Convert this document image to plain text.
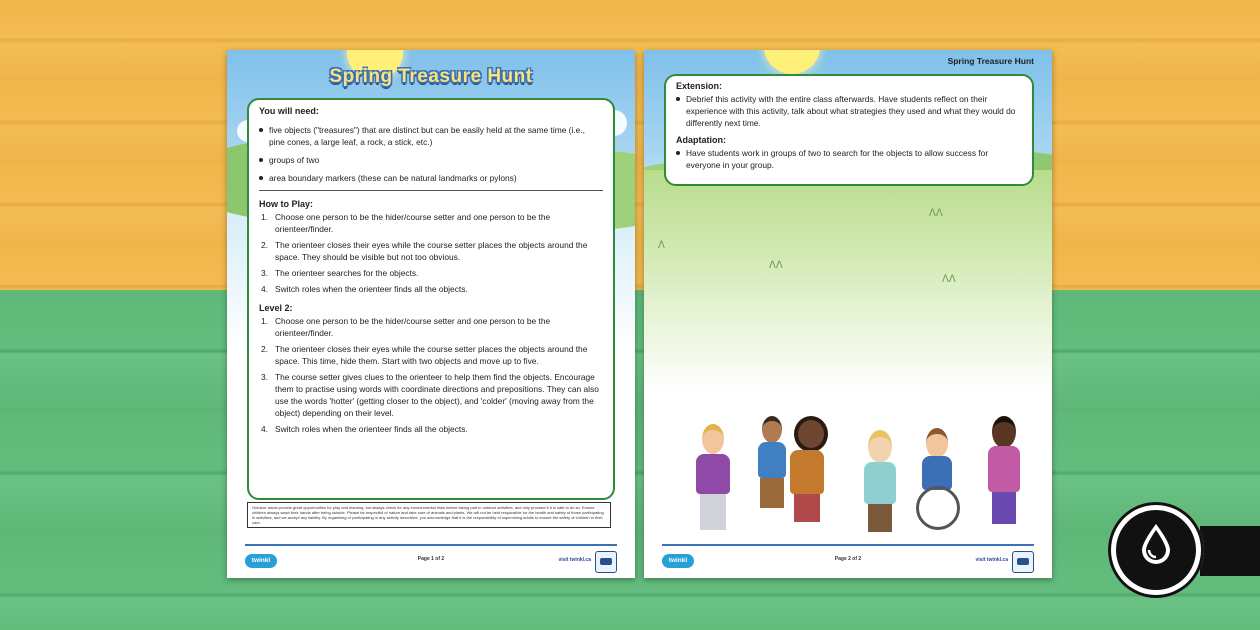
Spring Treasure Hunt
You will need:
five objects ("treasures") that are distinct but can be easily held at the same time (i.e., pine cones, a large leaf, a rock, a stick, etc.)
groups of two
area boundary markers (these can be natural landmarks or pylons)
How to Play:
1. Choose one person to be the hider/course setter and one person to be the orienteer/finder.
2. The orienteer closes their eyes while the course setter places the objects around the space. They should be visible but not too obvious.
3. The orienteer searches for the objects.
4. Switch roles when the orienteer finds all the objects.
Level 2:
1. Choose one person to be the hider/course setter and one person to be the orienteer/finder.
2. The orienteer closes their eyes while the course setter places the objects around the space. This time, hide them. Start with two objects and move up to five.
3. The course setter gives clues to the orienteer to help them find the objects. Encourage them to practise using words with coordinate directions and prepositions. They can also use the words 'hotter' (getting closer to the object), and 'colder' (moving away from the object) depending on their level.
4. Switch roles when the orienteer finds all the objects.
Outdoor areas provide great opportunities for play and learning, but always check for any environmental risks before taking part in outdoor activities, and only proceed if it is safe to do so. Ensure children always wash their hands after being outside. Please be respectful of nature and take care of animals and plants. We will not be held responsible for the health and safety of those participating in activities, and we accept any liability. By organising or participating in any activity described, you acknowledge that it is the responsibility of supervising adults to ensure the safety of children in their care.
twinkl	Page 1 of 2	visit twinkl.ca
ᐱᐱ
ᐱᐱ
ᐱᐱ
ᐱ
Spring Treasure Hunt
Extension:
Debrief this activity with the entire class afterwards. Have students reflect on their experience with this activity, talk about what strategies they used and what they would do differently next time.
Adaptation:
Have students work in groups of two to search for the objects to allow success for everyone in your group.
twinkl	Page 2 of 2	visit twinkl.ca
